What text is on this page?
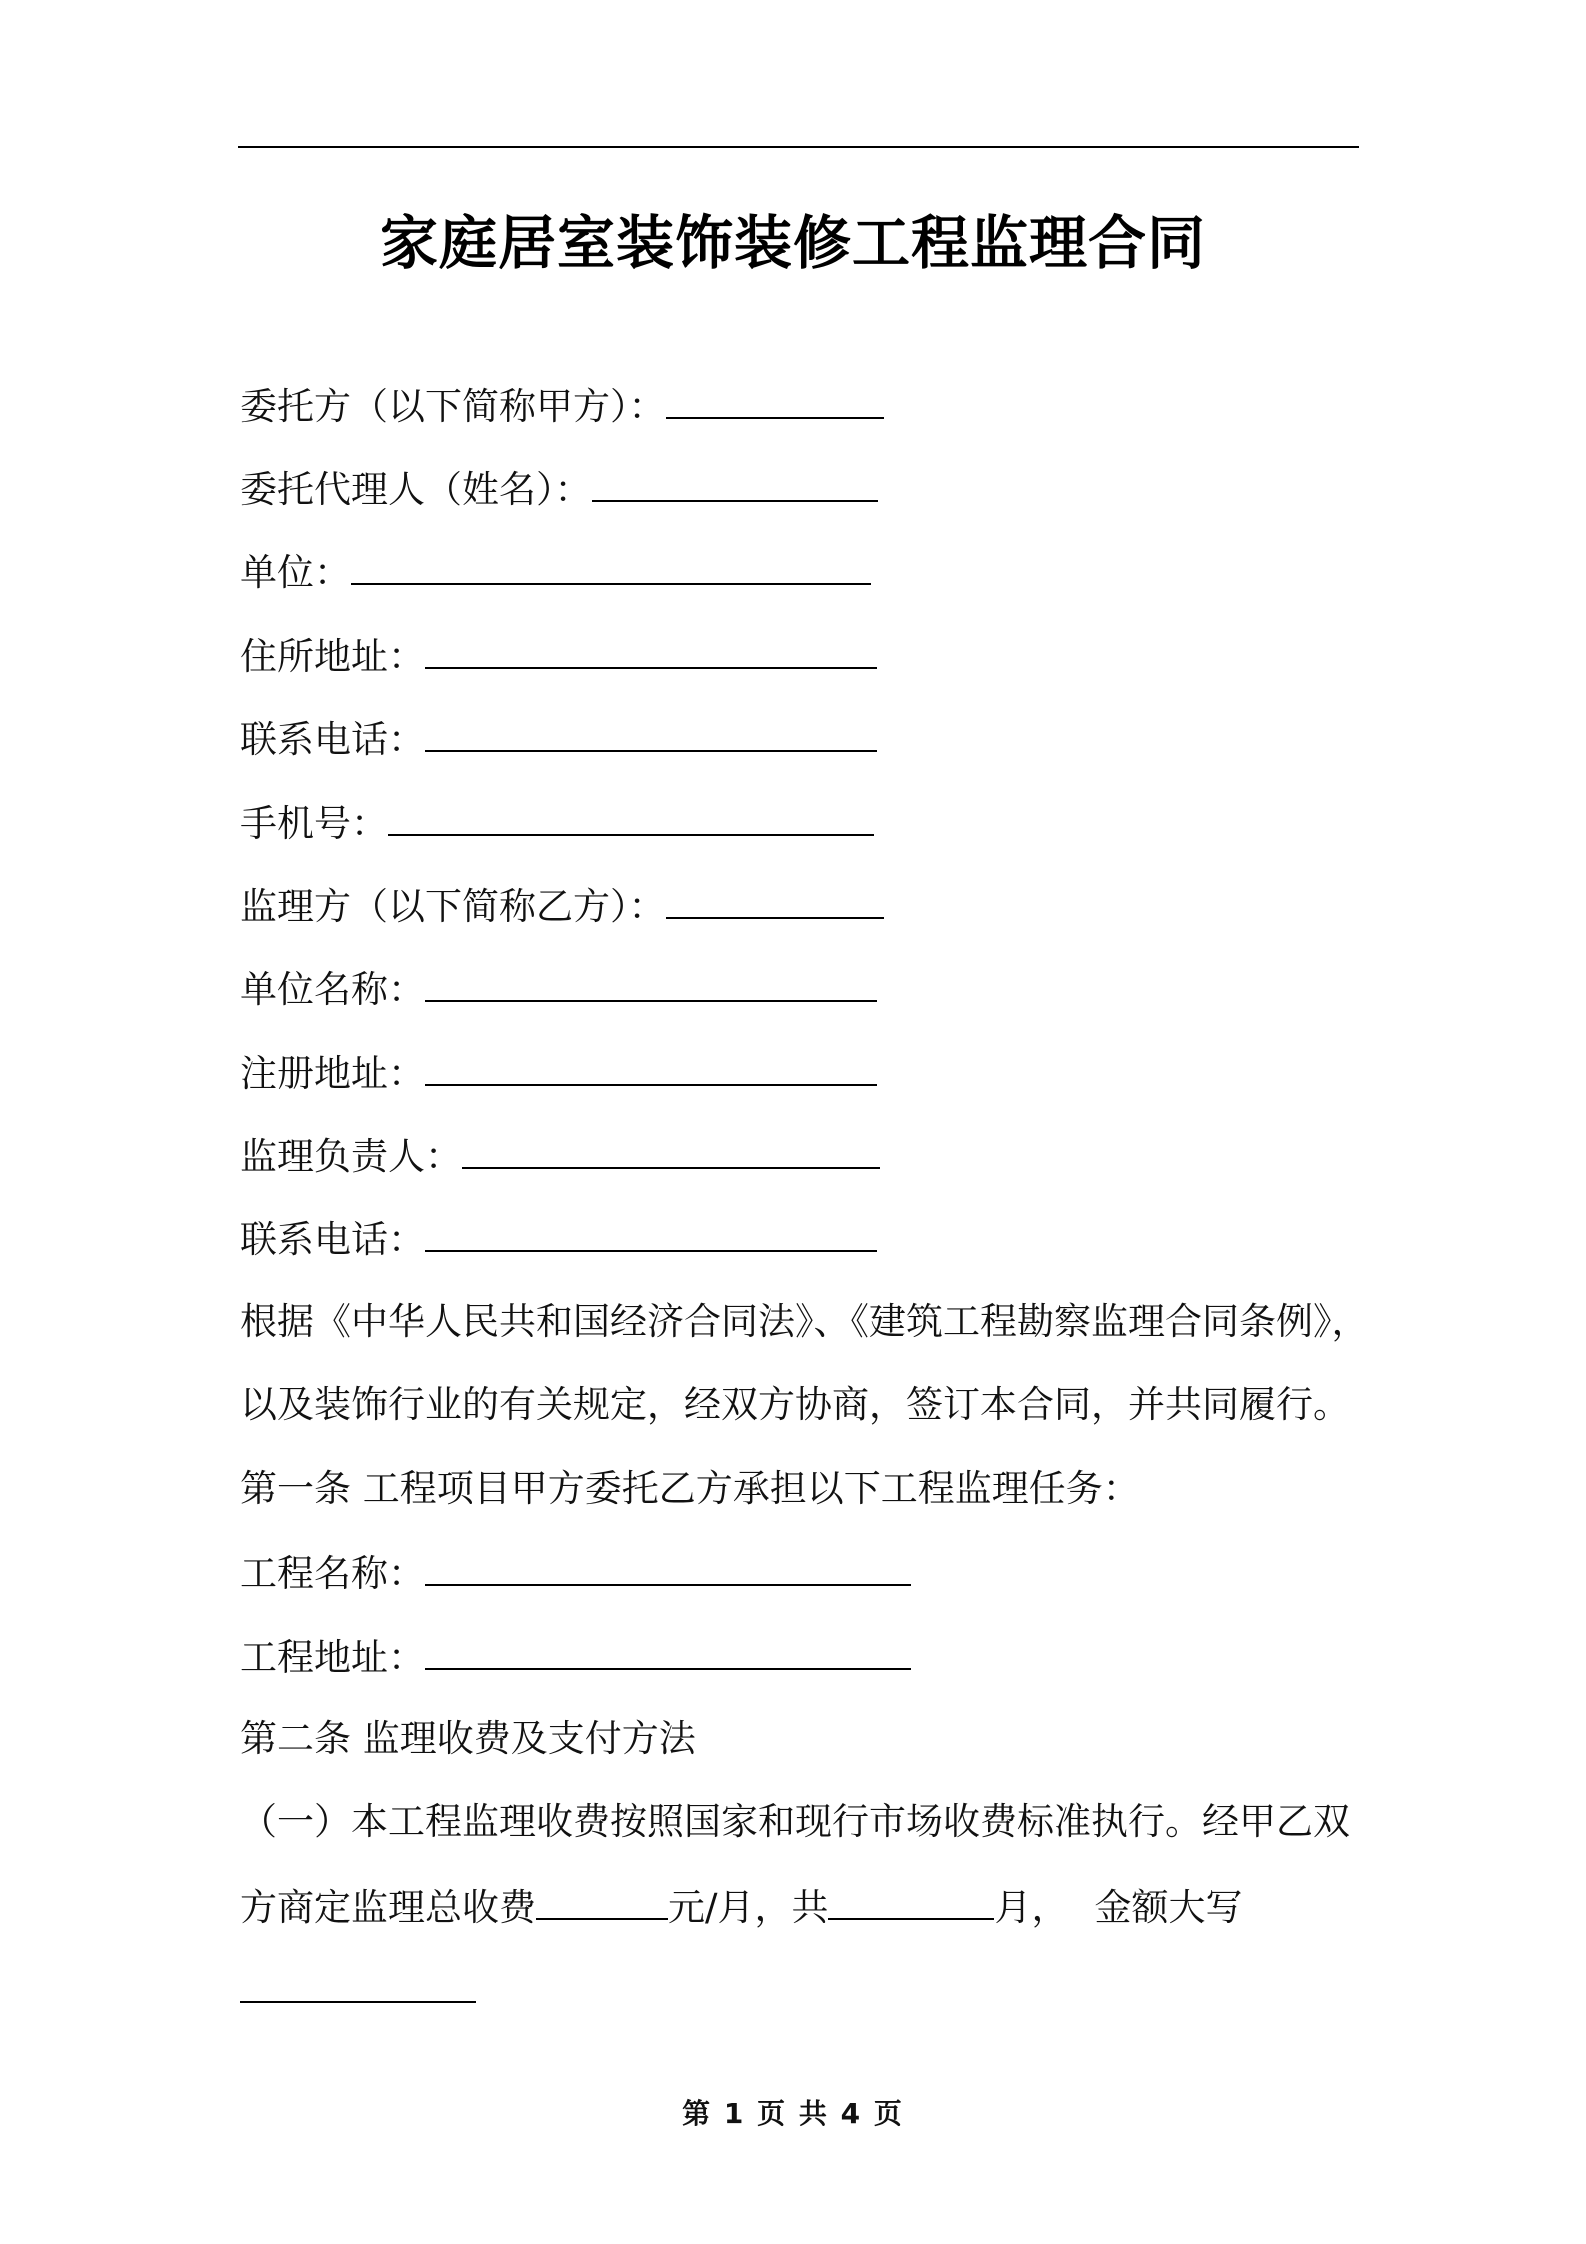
家庭居室装饰装修工程监理合同
委托方（以下简称甲方）：
委托代理人（姓名）：
单位：
住所地址：
联系电话：
手机号：
监理方（以下简称乙方）：
单位名称：
注册地址：
监理负责人：
联系电话：
根据《中华人民共和国经济合同法》、《建筑工程勘察监理合同条例》，
以及装饰行业的有关规定，经双方协商，签订本合同，并共同履行。
第一条 工程项目甲方委托乙方承担以下工程监理任务：
工程名称：
工程地址：
第二条 监理收费及支付方法
（一）本工程监理收费按照国家和现行市场收费标准执行。经甲乙双
方商定监理总收费	元/月，共	月， 金额大写
第 1 页 共 4 页
